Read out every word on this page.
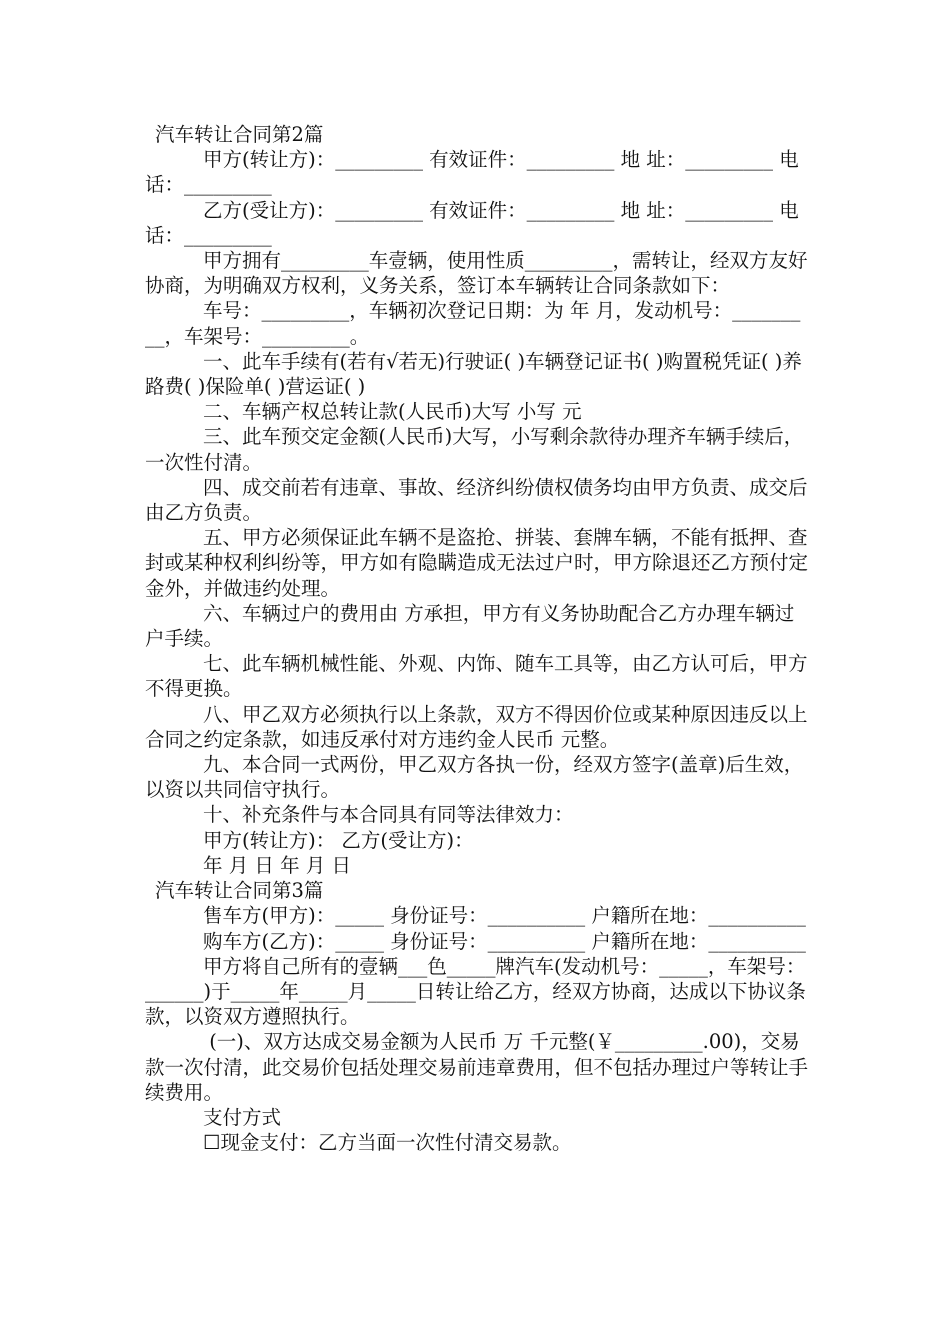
汽车转让合同第2篇

甲方(转让方)：_________ 有效证件：_________ 地 址：_________ 电 话：_________

乙方(受让方)：_________ 有效证件：_________ 地 址：_________ 电 话：_________

甲方拥有_________车壹辆，使用性质_________，需转让，经双方友好协商，为明确双方权利，义务关系，签订本车辆转让合同条款如下：

车号：_________，车辆初次登记日期：为 年 月，发动机号：_________，车架号：_________。

一、此车手续有(若有√若无)行驶证( )车辆登记证书( )购置税凭证( )养路费( )保险单( )营运证( )

二、车辆产权总转让款(人民币)大写 小写 元

三、此车预交定金额(人民币)大写，小写剩余款待办理齐车辆手续后，一次性付清。

四、成交前若有违章、事故、经济纠纷债权债务均由甲方负责、成交后由乙方负责。

五、甲方必须保证此车辆不是盗抢、拼装、套牌车辆，不能有抵押、查封或某种权利纠纷等，甲方如有隐瞒造成无法过户时，甲方除退还乙方预付定金外，并做违约处理。

六、车辆过户的费用由 方承担，甲方有义务协助配合乙方办理车辆过户手续。

七、此车辆机械性能、外观、内饰、随车工具等，由乙方认可后，甲方不得更换。

八、甲乙双方必须执行以上条款，双方不得因价位或某种原因违反以上合同之约定条款，如违反承付对方违约金人民币 元整。

九、本合同一式两份，甲乙双方各执一份，经双方签字(盖章)后生效，以资以共同信守执行。

十、补充条件与本合同具有同等法律效力：

甲方(转让方)： 乙方(受让方)：

年 月 日 年 月 日

汽车转让合同第3篇

售车方(甲方)：_____ 身份证号：__________ 户籍所在地：__________

购车方(乙方)：_____ 身份证号：__________ 户籍所在地：__________

甲方将自己所有的壹辆___色_____牌汽车(发动机号：_____，车架号：______)于_____年_____月_____日转让给乙方，经双方协商，达成以下协议条款，以资双方遵照执行。

(一)、双方达成交易金额为人民币 万 千元整(￥_________.00)，交易款一次付清，此交易价包括处理交易前违章费用，但不包括办理过户等转让手续费用。

支付方式

☐现金支付：乙方当面一次性付清交易款。
